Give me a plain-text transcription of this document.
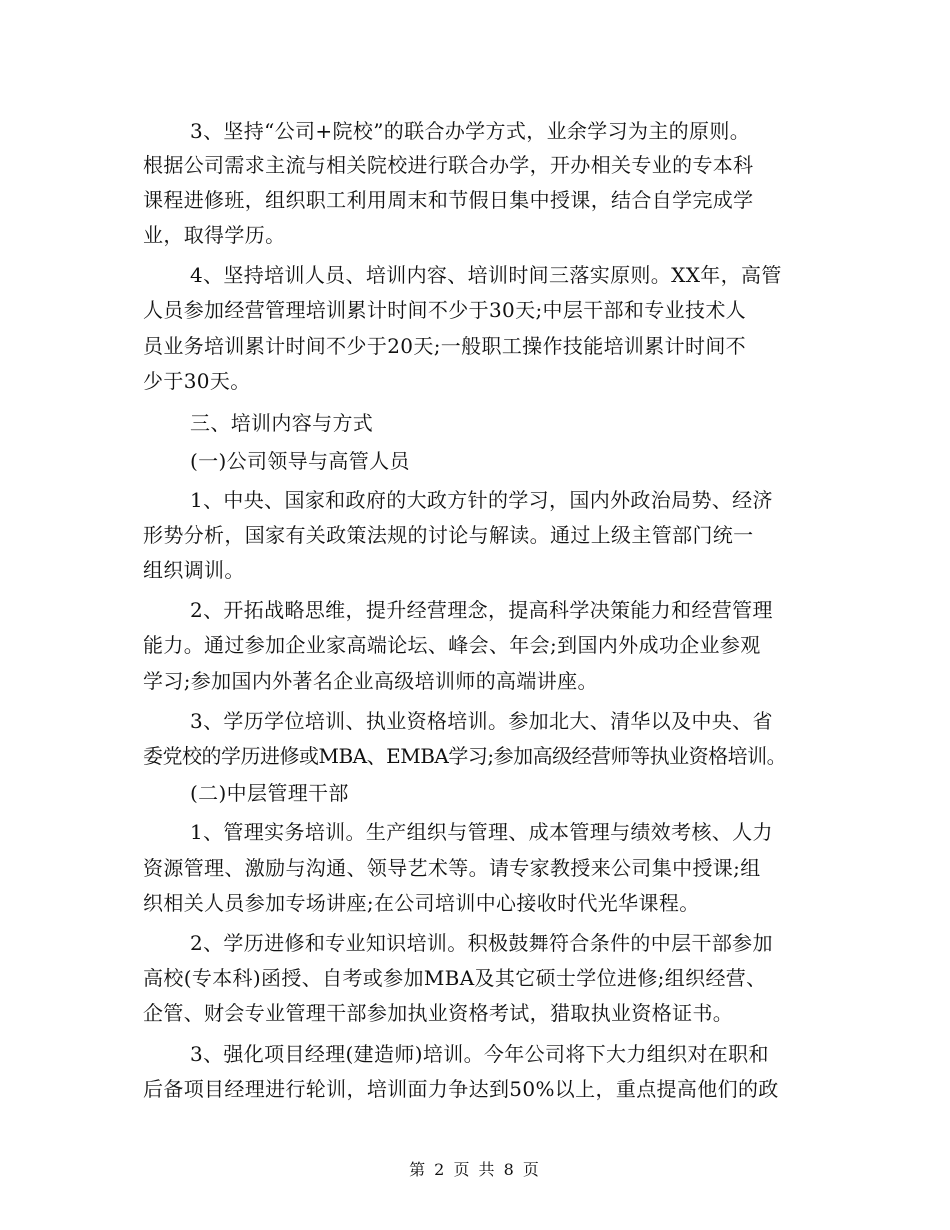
3、坚持“公司+院校”的联合办学方式，业余学习为主的原则。
根据公司需求主流与相关院校进行联合办学，开办相关专业的专本科
课程进修班，组织职工利用周末和节假日集中授课，结合自学完成学
业，取得学历。
4、坚持培训人员、培训内容、培训时间三落实原则。XX年，高管
人员参加经营管理培训累计时间不少于30天;中层干部和专业技术人
员业务培训累计时间不少于20天;一般职工操作技能培训累计时间不
少于30天。
三、培训内容与方式
(一)公司领导与高管人员
1、中央、国家和政府的大政方针的学习，国内外政治局势、经济
形势分析，国家有关政策法规的讨论与解读。通过上级主管部门统一
组织调训。
2、开拓战略思维，提升经营理念，提高科学决策能力和经营管理
能力。通过参加企业家高端论坛、峰会、年会;到国内外成功企业参观
学习;参加国内外著名企业高级培训师的高端讲座。
3、学历学位培训、执业资格培训。参加北大、清华以及中央、省
委党校的学历进修或MBA、EMBA学习;参加高级经营师等执业资格培训。
(二)中层管理干部
1、管理实务培训。生产组织与管理、成本管理与绩效考核、人力
资源管理、激励与沟通、领导艺术等。请专家教授来公司集中授课;组
织相关人员参加专场讲座;在公司培训中心接收时代光华课程。
2、学历进修和专业知识培训。积极鼓舞符合条件的中层干部参加
高校(专本科)函授、自考或参加MBA及其它硕士学位进修;组织经营、
企管、财会专业管理干部参加执业资格考试，猎取执业资格证书。
3、强化项目经理(建造师)培训。今年公司将下大力组织对在职和
后备项目经理进行轮训，培训面力争达到50%以上，重点提高他们的政
第 2 页 共 8 页
